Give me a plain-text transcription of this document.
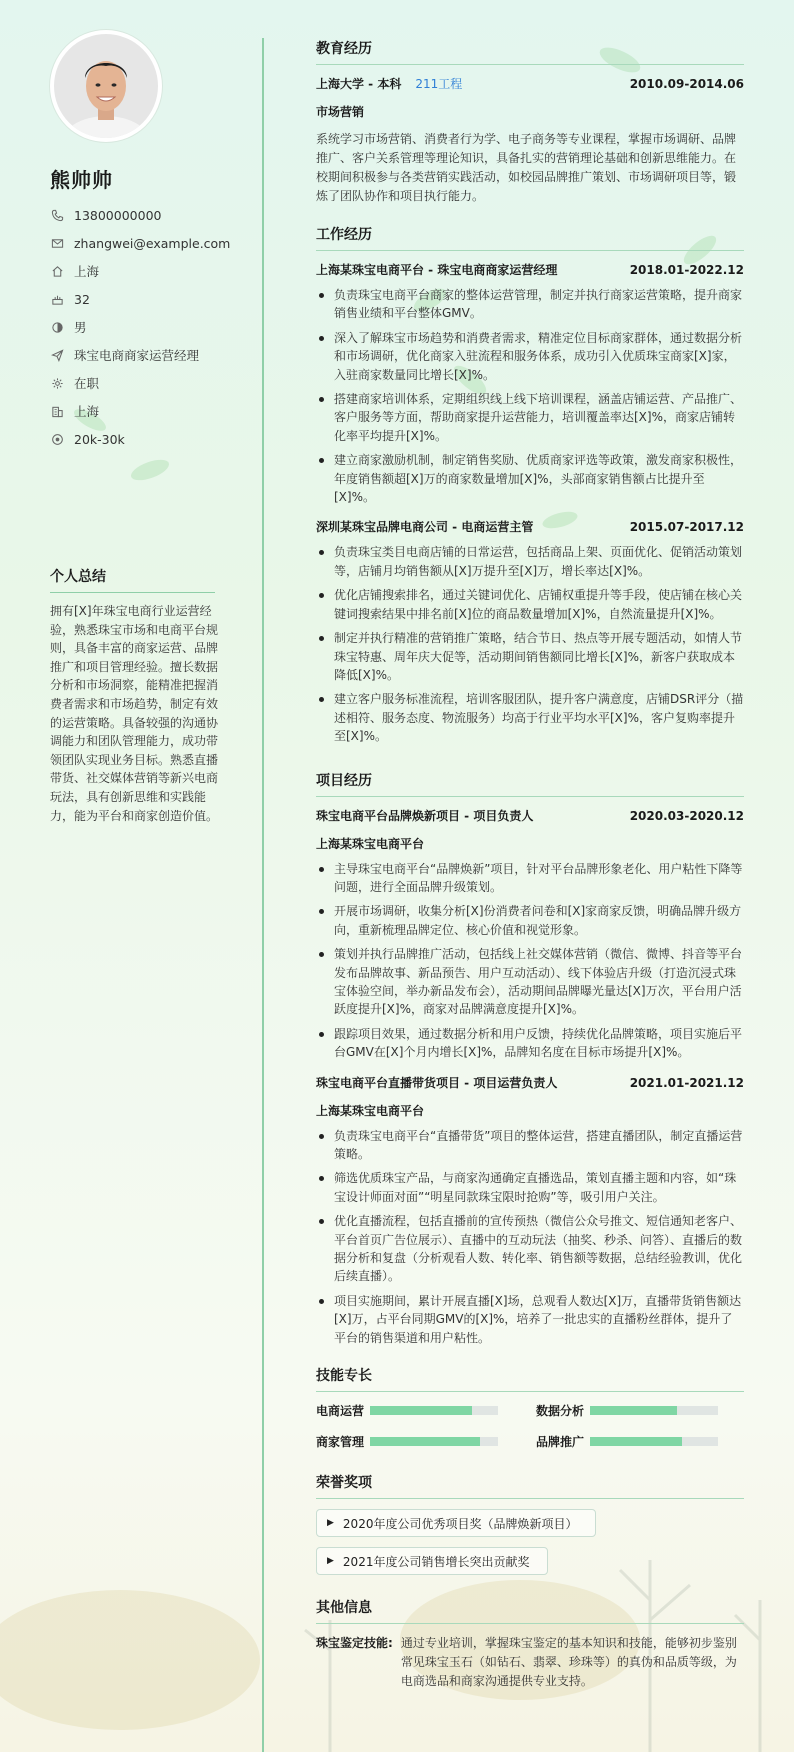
熊帅帅
13800000000
zhangwei@example.com
上海
32
男
珠宝电商商家运营经理
在职
上海
20k-30k
个人总结
拥有[X]年珠宝电商行业运营经验，熟悉珠宝市场和电商平台规则，具备丰富的商家运营、品牌推广和项目管理经验。擅长数据分析和市场洞察，能精准把握消费者需求和市场趋势，制定有效的运营策略。具备较强的沟通协调能力和团队管理能力，成功带领团队实现业务目标。熟悉直播带货、社交媒体营销等新兴电商玩法，具有创新思维和实践能力，能为平台和商家创造价值。
教育经历
上海大学 - 本科 211工程	2010.09-2014.06
市场营销
系统学习市场营销、消费者行为学、电子商务等专业课程，掌握市场调研、品牌推广、客户关系管理等理论知识，具备扎实的营销理论基础和创新思维能力。在校期间积极参与各类营销实践活动，如校园品牌推广策划、市场调研项目等，锻炼了团队协作和项目执行能力。
工作经历
上海某珠宝电商平台 - 珠宝电商商家运营经理	2018.01-2022.12
负责珠宝电商平台商家的整体运营管理，制定并执行商家运营策略，提升商家销售业绩和平台整体GMV。
深入了解珠宝市场趋势和消费者需求，精准定位目标商家群体，通过数据分析和市场调研，优化商家入驻流程和服务体系，成功引入优质珠宝商家[X]家，入驻商家数量同比增长[X]%。
搭建商家培训体系，定期组织线上线下培训课程，涵盖店铺运营、产品推广、客户服务等方面，帮助商家提升运营能力，培训覆盖率达[X]%，商家店铺转化率平均提升[X]%。
建立商家激励机制，制定销售奖励、优质商家评选等政策，激发商家积极性，年度销售额超[X]万的商家数量增加[X]%，头部商家销售额占比提升至[X]%。
深圳某珠宝品牌电商公司 - 电商运营主管	2015.07-2017.12
负责珠宝类目电商店铺的日常运营，包括商品上架、页面优化、促销活动策划等，店铺月均销售额从[X]万提升至[X]万，增长率达[X]%。
优化店铺搜索排名，通过关键词优化、店铺权重提升等手段，使店铺在核心关键词搜索结果中排名前[X]位的商品数量增加[X]%，自然流量提升[X]%。
制定并执行精准的营销推广策略，结合节日、热点等开展专题活动，如情人节珠宝特惠、周年庆大促等，活动期间销售额同比增长[X]%，新客户获取成本降低[X]%。
建立客户服务标准流程，培训客服团队，提升客户满意度，店铺DSR评分（描述相符、服务态度、物流服务）均高于行业平均水平[X]%，客户复购率提升至[X]%。
项目经历
珠宝电商平台品牌焕新项目 - 项目负责人	2020.03-2020.12
上海某珠宝电商平台
主导珠宝电商平台“品牌焕新”项目，针对平台品牌形象老化、用户粘性下降等问题，进行全面品牌升级策划。
开展市场调研，收集分析[X]份消费者问卷和[X]家商家反馈，明确品牌升级方向，重新梳理品牌定位、核心价值和视觉形象。
策划并执行品牌推广活动，包括线上社交媒体营销（微信、微博、抖音等平台发布品牌故事、新品预告、用户互动活动）、线下体验店升级（打造沉浸式珠宝体验空间，举办新品发布会），活动期间品牌曝光量达[X]万次，平台用户活跃度提升[X]%，商家对品牌满意度提升[X]%。
跟踪项目效果，通过数据分析和用户反馈，持续优化品牌策略，项目实施后平台GMV在[X]个月内增长[X]%，品牌知名度在目标市场提升[X]%。
珠宝电商平台直播带货项目 - 项目运营负责人	2021.01-2021.12
上海某珠宝电商平台
负责珠宝电商平台“直播带货”项目的整体运营，搭建直播团队，制定直播运营策略。
筛选优质珠宝产品，与商家沟通确定直播选品，策划直播主题和内容，如“珠宝设计师面对面”“明星同款珠宝限时抢购”等，吸引用户关注。
优化直播流程，包括直播前的宣传预热（微信公众号推文、短信通知老客户、平台首页广告位展示）、直播中的互动玩法（抽奖、秒杀、问答）、直播后的数据分析和复盘（分析观看人数、转化率、销售额等数据，总结经验教训，优化后续直播）。
项目实施期间，累计开展直播[X]场，总观看人数达[X]万，直播带货销售额达[X]万，占平台同期GMV的[X]%，培养了一批忠实的直播粉丝群体，提升了平台的销售渠道和用户粘性。
技能专长
电商运营	数据分析
商家管理	品牌推广
荣誉奖项
▶ 2020年度公司优秀项目奖（品牌焕新项目）

▶ 2021年度公司销售增长突出贡献奖
其他信息
珠宝鉴定技能: 通过专业培训，掌握珠宝鉴定的基本知识和技能，能够初步鉴别常见珠宝玉石（如钻石、翡翠、珍珠等）的真伪和品质等级，为电商选品和商家沟通提供专业支持。
